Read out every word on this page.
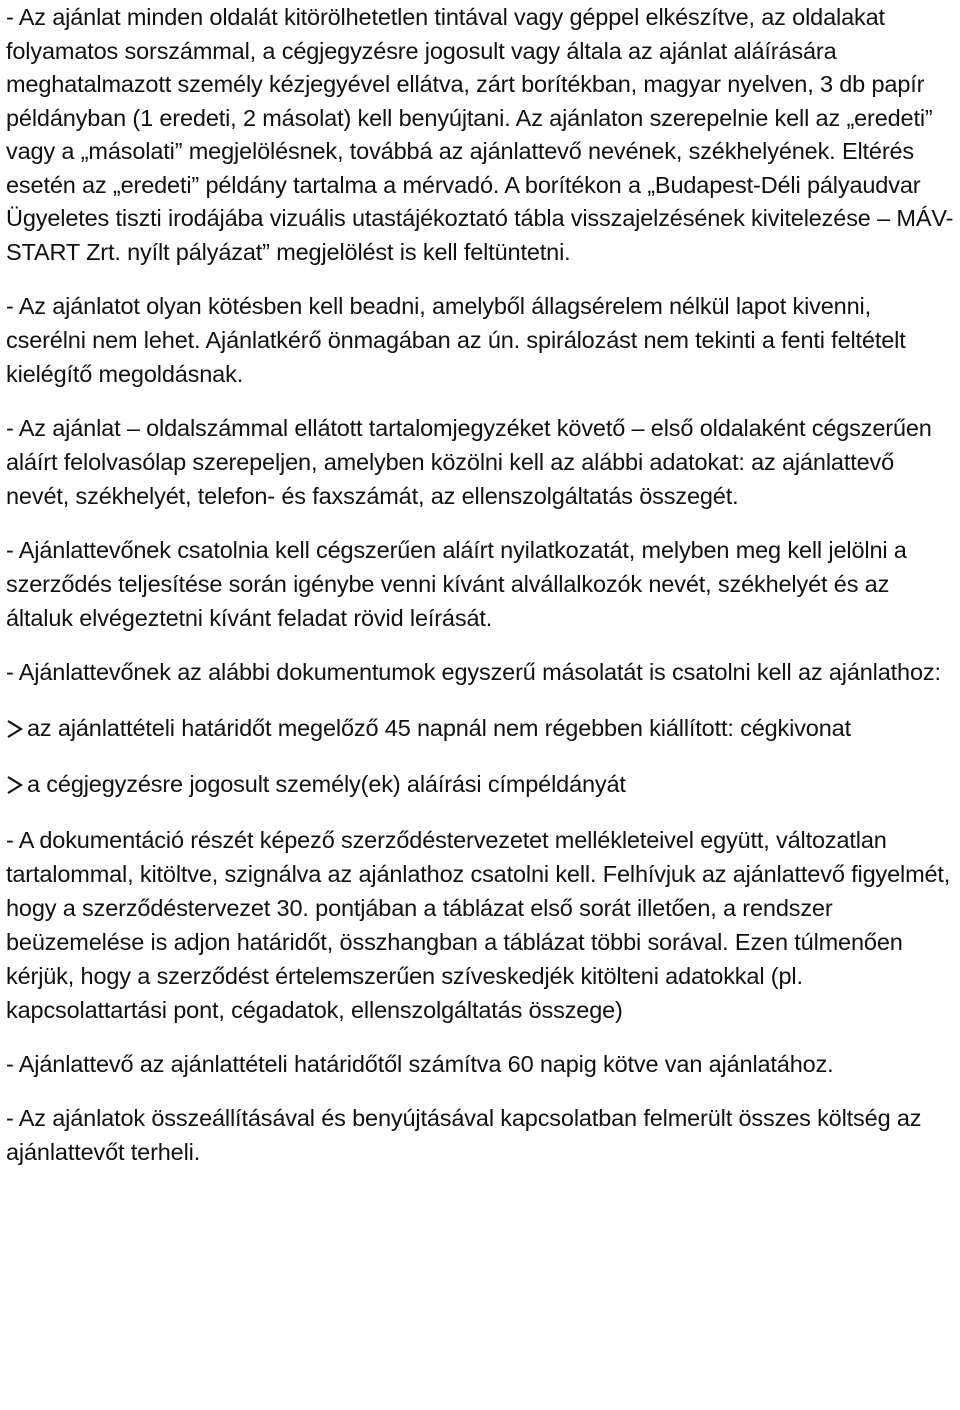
- Az ajánlat minden oldalát kitörölhetetlen tintával vagy géppel elkészítve, az oldalakat folyamatos sorszámmal, a cégjegyzésre jogosult vagy általa az ajánlat aláírására meghatalmazott személy kézjegyével ellátva, zárt borítékban, magyar nyelven, 3 db papír példányban (1 eredeti, 2 másolat) kell benyújtani. Az ajánlaton szerepelnie kell az „eredeti” vagy a „másolati” megjelölésnek, továbbá az ajánlattevő nevének, székhelyének. Eltérés esetén az „eredeti” példány tartalma a mérvadó. A borítékon a „Budapest-Déli pályaudvar Ügyeletes tiszti irodájába vizuális utastájékoztató tábla visszajelzésének kivitelezése – MÁV-START Zrt. nyílt pályázat” megjelölést is kell feltüntetni.

- Az ajánlatot olyan kötésben kell beadni, amelyből állagsérelem nélkül lapot kivenni, cserélni nem lehet. Ajánlatkérő önmagában az ún. spirálozást nem tekinti a fenti feltételt kielégítő megoldásnak.

- Az ajánlat – oldalszámmal ellátott tartalomjegyzéket követő – első oldalaként cégszerűen aláírt felolvasólap szerepeljen, amelyben közölni kell az alábbi adatokat: az ajánlattevő nevét, székhelyét, telefon- és faxszámát, az ellenszolgáltatás összegét.

- Ajánlattevőnek csatolnia kell cégszerűen aláírt nyilatkozatát, melyben meg kell jelölni a szerződés teljesítése során igénybe venni kívánt alvállalkozók nevét, székhelyét és az általuk elvégeztetni kívánt feladat rövid leírását.

- Ajánlattevőnek az alábbi dokumentumok egyszerű másolatát is csatolni kell az ajánlathoz:

az ajánlattételi határidőt megelőző 45 napnál nem régebben kiállított: cégkivonat
a cégjegyzésre jogosult személy(ek) aláírási címpéldányát

- A dokumentáció részét képező szerződéstervezetet mellékleteivel együtt, változatlan tartalommal, kitöltve, szignálva az ajánlathoz csatolni kell. Felhívjuk az ajánlattevő figyelmét, hogy a szerződéstervezet 30. pontjában a táblázat első sorát illetően, a rendszer beüzemelése is adjon határidőt, összhangban a táblázat többi sorával. Ezen túlmenően kérjük, hogy a szerződést értelemszerűen szíveskedjék kitölteni adatokkal (pl. kapcsolattartási pont, cégadatok, ellenszolgáltatás összege)

- Ajánlattevő az ajánlattételi határidőtől számítva 60 napig kötve van ajánlatához.

- Az ajánlatok összeállításával és benyújtásával kapcsolatban felmerült összes költség az ajánlattevőt terheli.
